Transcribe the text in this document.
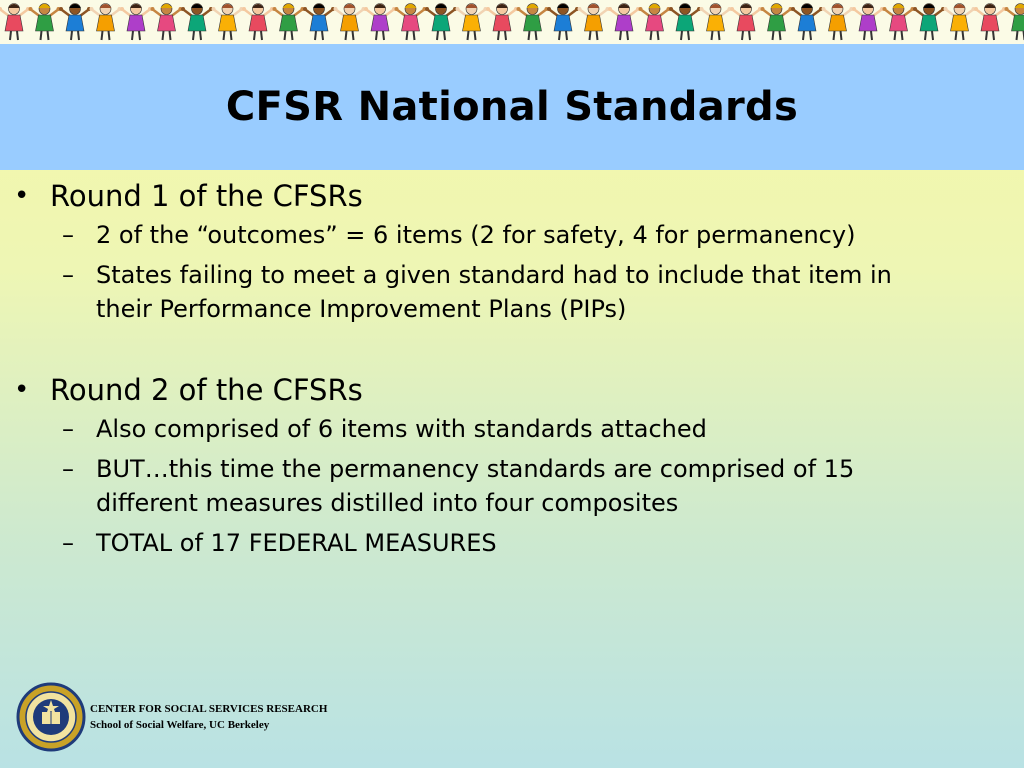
CFSR National Standards
• Round 1 of the CFSRs
– 2 of the “outcomes” = 6 items (2 for safety, 4 for permanency)
– States failing to meet a given standard had to include that item in their Performance Improvement Plans (PIPs)
• Round 2 of the CFSRs
– Also comprised of 6 items with standards attached
– BUT…this time the permanency standards are comprised of 15 different measures distilled into four composites
– TOTAL of 17 FEDERAL MEASURES
CENTER FOR SOCIAL SERVICES RESEARCH
School of Social Welfare, UC Berkeley
